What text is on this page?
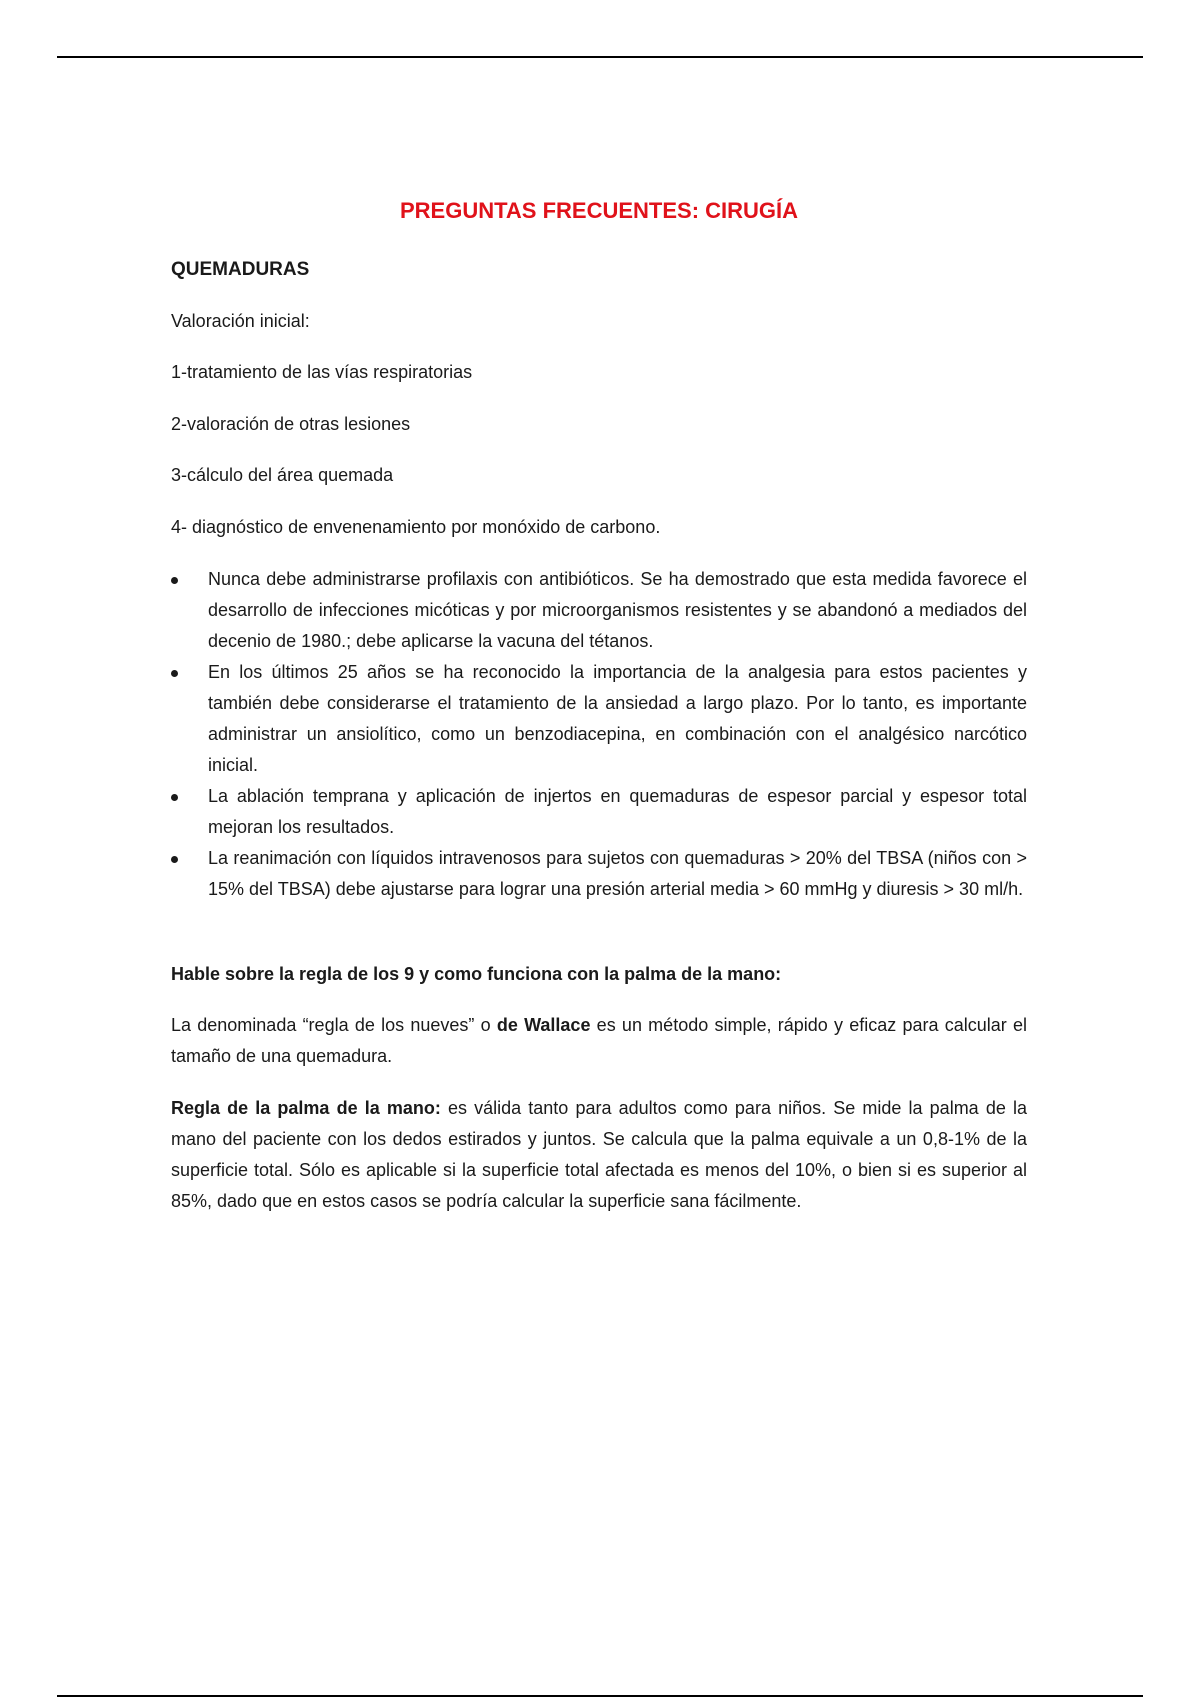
PREGUNTAS FRECUENTES: CIRUGÍA
QUEMADURAS

Valoración inicial:

1-tratamiento de las vías respiratorias

2-valoración de otras lesiones

3-cálculo del área quemada

4- diagnóstico de envenenamiento por monóxido de carbono.

Nunca debe administrarse profilaxis con antibióticos. Se ha demostrado que esta medida favorece el desarrollo de infecciones micóticas y por microorganismos resistentes y se abandonó a mediados del decenio de 1980.; debe aplicarse la vacuna del tétanos.
En los últimos 25 años se ha reconocido la importancia de la analgesia para estos pacientes y también debe considerarse el tratamiento de la ansiedad a largo plazo. Por lo tanto, es importante administrar un ansiolítico, como un benzodiacepina, en combinación con el analgésico narcótico inicial.
La ablación temprana y aplicación de injertos en quemaduras de espesor parcial y espesor total mejoran los resultados.
La reanimación con líquidos intravenosos para sujetos con quemaduras > 20% del TBSA (niños con > 15% del TBSA) debe ajustarse para lograr una presión arterial media > 60 mmHg y diuresis > 30 ml/h.

Hable sobre la regla de los 9 y como funciona con la palma de la mano:

La denominada “regla de los nueves” o de Wallace es un método simple, rápido y eficaz para calcular el tamaño de una quemadura.

Regla de la palma de la mano: es válida tanto para adultos como para niños. Se mide la palma de la mano del paciente con los dedos estirados y juntos. Se calcula que la palma equivale a un 0,8-1% de la superficie total. Sólo es aplicable si la superficie total afectada es menos del 10%, o bien si es superior al 85%, dado que en estos casos se podría calcular la superficie sana fácilmente.
